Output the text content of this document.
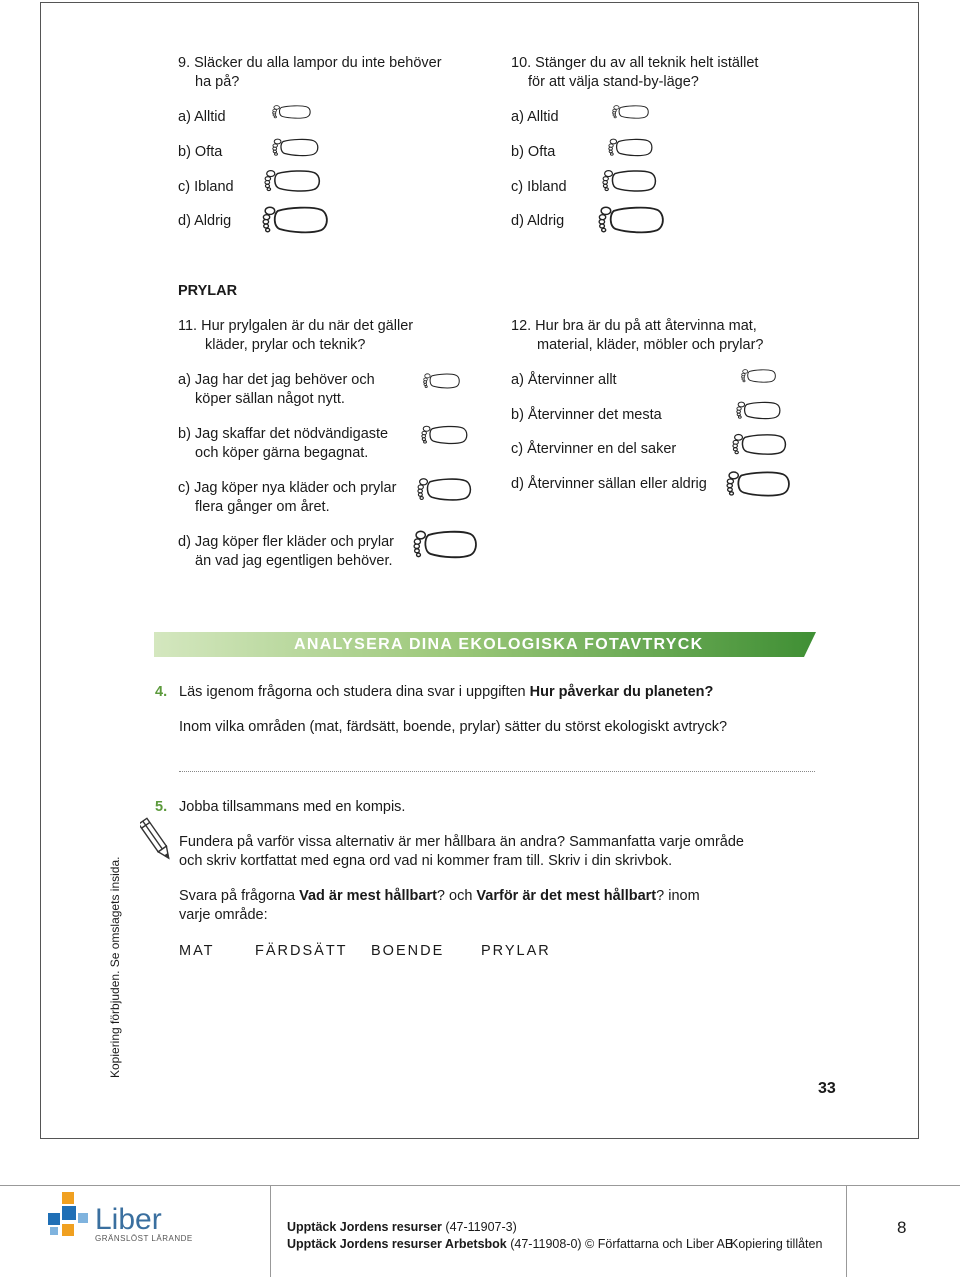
9. Släcker du alla lampor du inte behöver
ha på?
a) Alltid
b) Ofta
c) Ibland
d) Aldrig
10. Stänger du av all teknik helt istället
för att välja stand-by-läge?
a) Alltid
b) Ofta
c) Ibland
d) Aldrig
PRYLAR
11. Hur prylgalen är du när det gäller
kläder, prylar och teknik?
a) Jag har det jag behöver och
köper sällan något nytt.
b) Jag skaffar det nödvändigaste
och köper gärna begagnat.
c) Jag köper nya kläder och prylar
flera gånger om året.
d) Jag köper fler kläder och prylar
än vad jag egentligen behöver.
12. Hur bra är du på att återvinna mat,
material, kläder, möbler och prylar?
a) Återvinner allt
b) Återvinner det mesta
c) Återvinner en del saker
d) Återvinner sällan eller aldrig
ANALYSERA DINA EKOLOGISKA FOTAVTRYCK
4. Läs igenom frågorna och studera dina svar i uppgiften Hur påverkar du planeten?
Inom vilka områden (mat, färdsätt, boende, prylar) sätter du störst ekologiskt avtryck?
5. Jobba tillsammans med en kompis.
Fundera på varför vissa alternativ är mer hållbara än andra? Sammanfatta varje område
och skriv kortfattat med egna ord vad ni kommer fram till. Skriv i din skrivbok.
Svara på frågorna Vad är mest hållbart? och Varför är det mest hållbart? inom
varje område:
MAT	FÄRDSÄTT BOENDE	PRYLAR
Kopiering förbjuden. Se omslagets insida.
33
Liber
GRÄNSLÖST LÄRANDE
Upptäck Jordens resurser (47-11907-3)
Upptäck Jordens resurser Arbetsbok (47-11908-0) © Författarna och Liber AB
Kopiering tillåten
8
